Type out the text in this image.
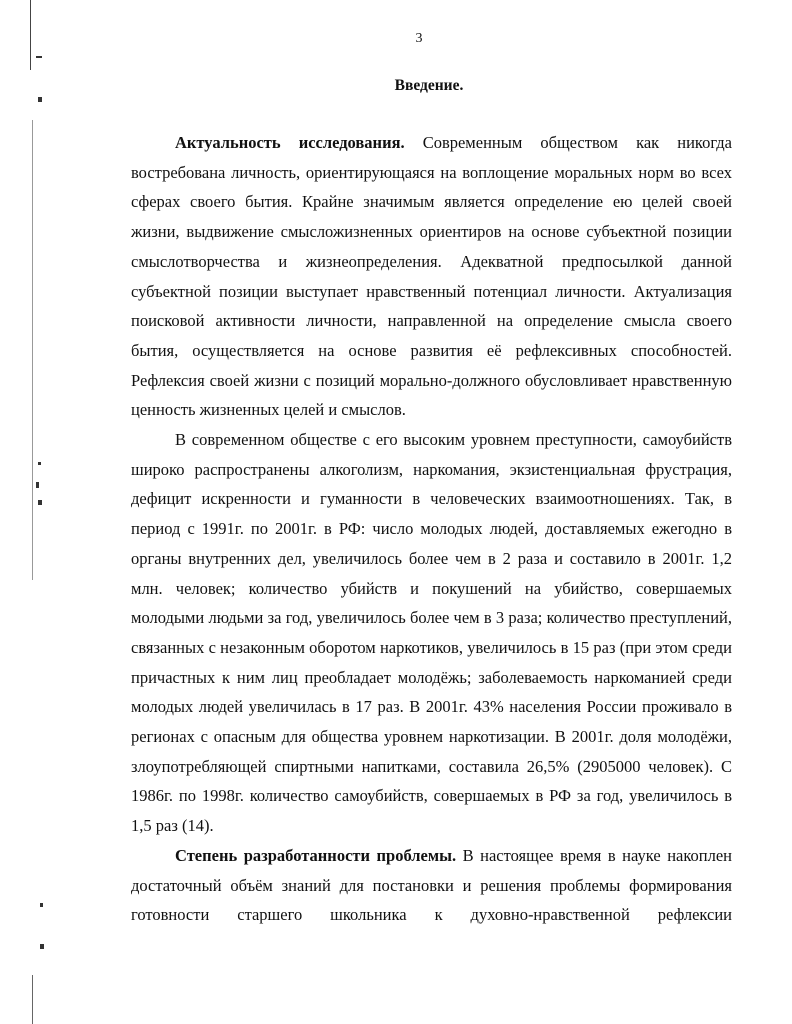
3
Введение.

Актуальность исследования. Современным обществом как никогда востребована личность, ориентирующаяся на воплощение моральных норм во всех сферах своего бытия. Крайне значимым является определение ею целей своей жизни, выдвижение смысложизненных ориентиров на основе субъектной позиции смыслотворчества и жизнеопределения. Адекватной предпосылкой данной субъектной позиции выступает нравственный потенциал личности. Актуализация поисковой активности личности, направленной на определение смысла своего бытия, осуществляется на основе развития её рефлексивных способностей. Рефлексия своей жизни с позиций морально-должного обусловливает нравственную ценность жизненных целей и смыслов.

В современном обществе с его высоким уровнем преступности, самоубийств широко распространены алкоголизм, наркомания, экзистенциальная фрустрация, дефицит искренности и гуманности в человеческих взаимоотношениях. Так, в период с 1991г. по 2001г. в РФ: число молодых людей, доставляемых ежегодно в органы внутренних дел, увеличилось более чем в 2 раза и составило в 2001г. 1,2 млн. человек; количество убийств и покушений на убийство, совершаемых молодыми людьми за год, увеличилось более чем в 3 раза; количество преступлений, связанных с незаконным оборотом наркотиков, увеличилось в 15 раз (при этом среди причастных к ним лиц преобладает молодёжь; заболеваемость наркоманией среди молодых людей увеличилась в 17 раз. В 2001г. 43% населения России проживало в регионах с опасным для общества уровнем наркотизации. В 2001г. доля молодёжи, злоупотребляющей спиртными напитками, составила 26,5% (2905000 человек). С 1986г. по 1998г. количество самоубийств, совершаемых в РФ за год, увеличилось в 1,5 раз (14).

Степень разработанности проблемы. В настоящее время в науке накоплен достаточный объём знаний для постановки и решения проблемы формирования готовности старшего школьника к духовно-нравственной рефлексии
